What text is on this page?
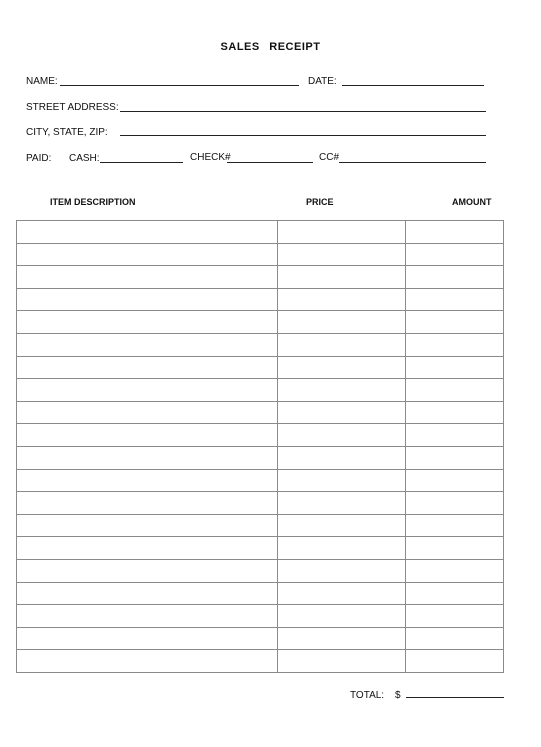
SALES RECEIPT
NAME:	DATE:
STREET ADDRESS:
CITY, STATE, ZIP:
PAID: CASH:	CHECK#	CC#
ITEM DESCRIPTION	PRICE	AMOUNT

TOTAL: $
